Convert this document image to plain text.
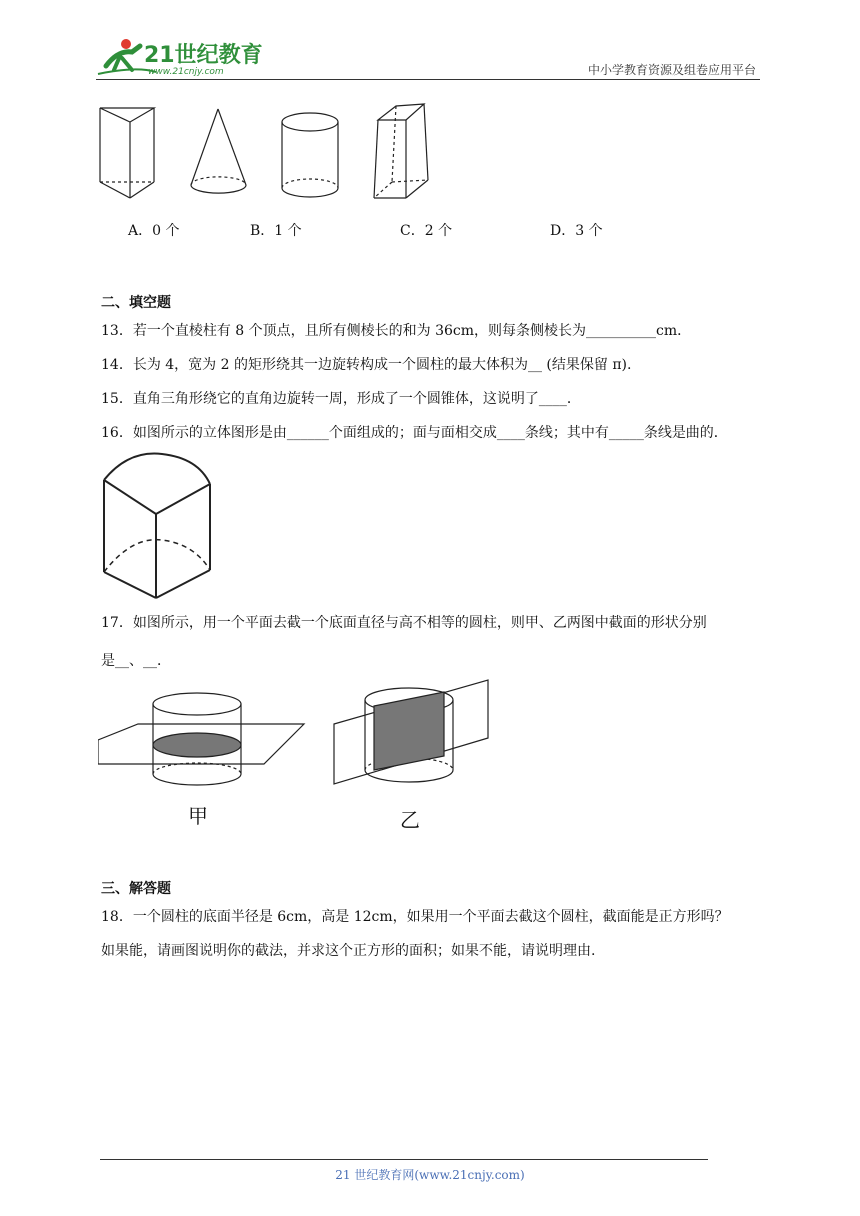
21世纪教育
www.21cnjy.com	中小学教育资源及组卷应用平台
A．0 个	B．1 个	C．2 个	D．3 个
二、填空题
13．若一个直棱柱有 8 个顶点，且所有侧棱长的和为 36cm，则每条侧棱长为__________cm．
14．长为 4，宽为 2 的矩形绕其一边旋转构成一个圆柱的最大体积为__ (结果保留 π).
15．直角三角形绕它的直角边旋转一周，形成了一个圆锥体，这说明了____．
16．如图所示的立体图形是由______个面组成的；面与面相交成____条线；其中有_____条线是曲的．
17．如图所示，用一个平面去截一个底面直径与高不相等的圆柱，则甲、乙两图中截面的形状分别
是__、__．
甲	乙
三、解答题
18．一个圆柱的底面半径是 6cm，高是 12cm，如果用一个平面去截这个圆柱，截面能是正方形吗？
如果能，请画图说明你的截法，并求这个正方形的面积；如果不能，请说明理由.
21 世纪教育网(www.21cnjy.com)
